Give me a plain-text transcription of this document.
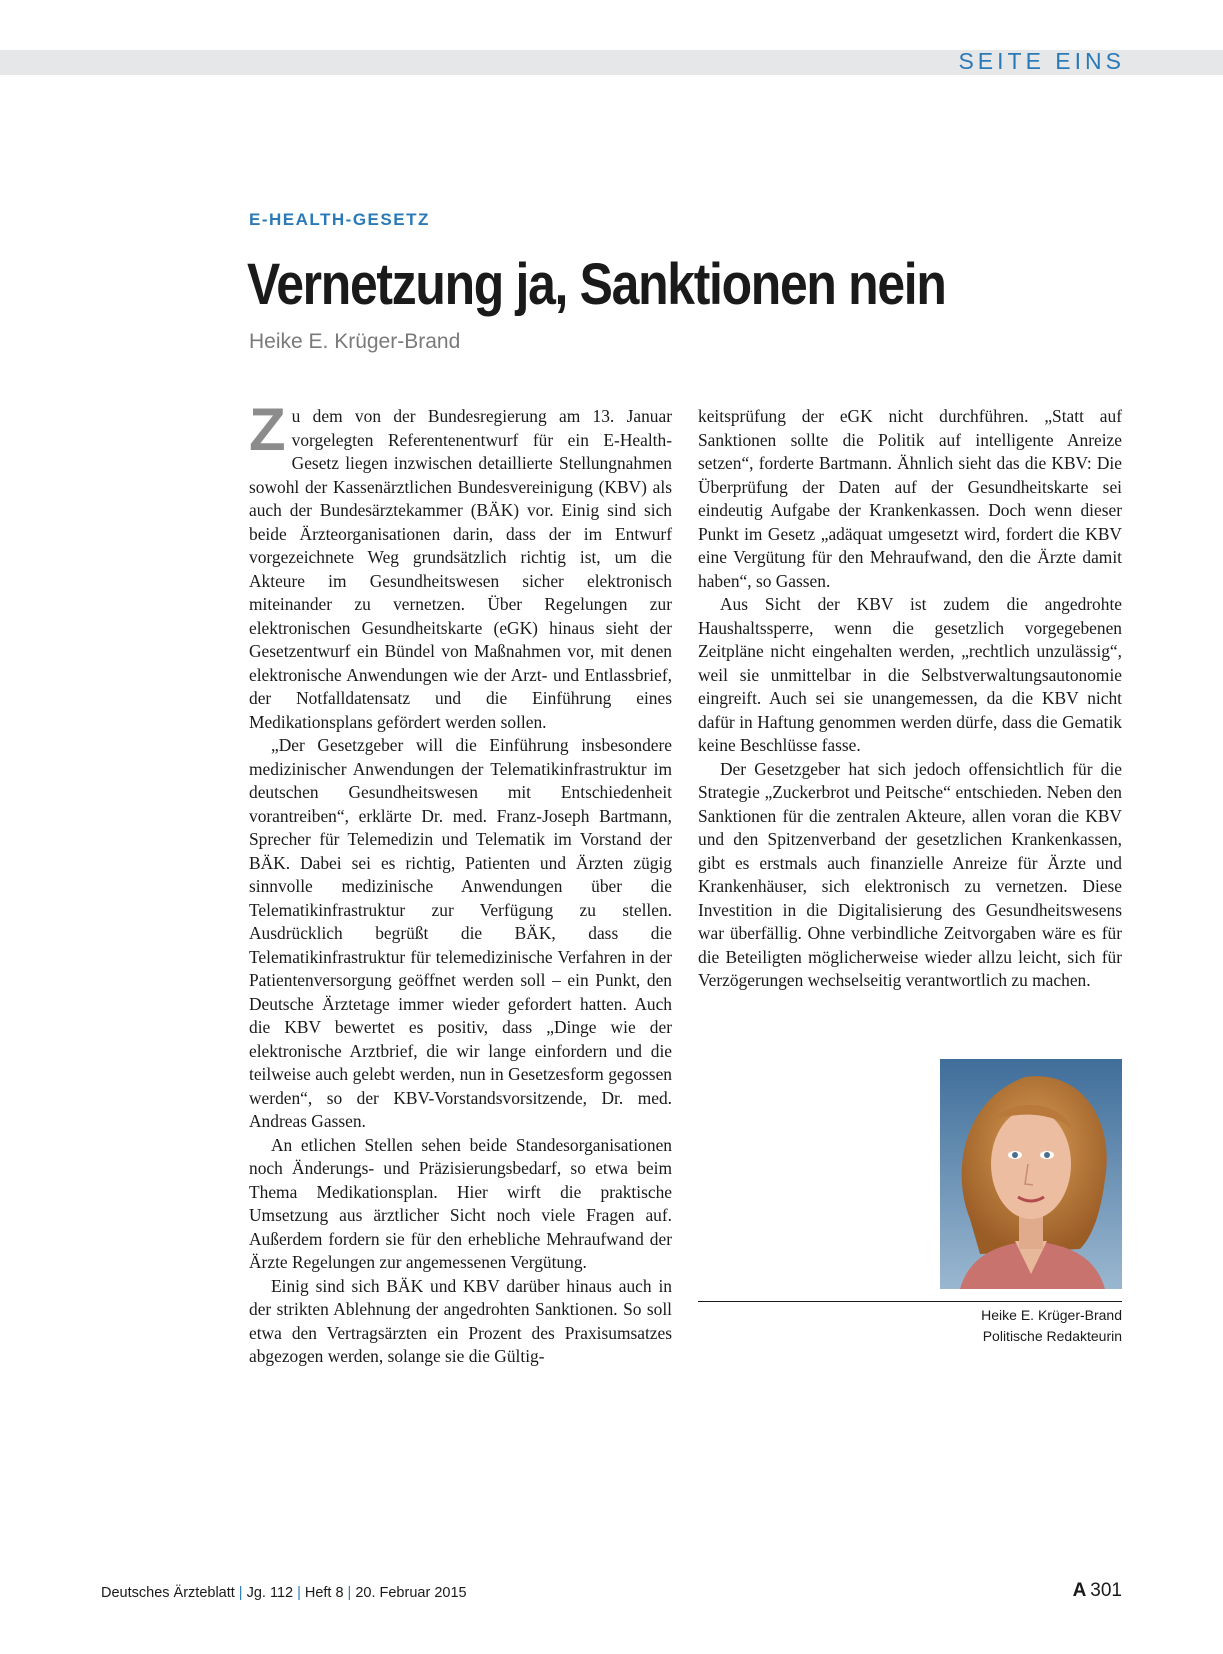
SEITE EINS
E-HEALTH-GESETZ
Vernetzung ja, Sanktionen nein
Heike E. Krüger-Brand

Zu dem von der Bundesregierung am 13. Januar vorgelegten Referentenentwurf für ein E-Health-Gesetz liegen inzwischen detaillierte Stellungnahmen sowohl der Kassenärztlichen Bundesvereinigung (KBV) als auch der Bundesärztekammer (BÄK) vor. Einig sind sich beide Ärzteorganisationen darin, dass der im Entwurf vorgezeichnete Weg grundsätzlich richtig ist, um die Akteure im Gesundheitswesen sicher elektronisch miteinander zu vernetzen. Über Regelungen zur elektronischen Gesundheitskarte (eGK) hinaus sieht der Gesetzentwurf ein Bündel von Maßnahmen vor, mit denen elektronische Anwendungen wie der Arzt- und Entlassbrief, der Notfalldatensatz und die Einführung eines Medikationsplans gefördert werden sollen.

„Der Gesetzgeber will die Einführung insbesondere medizinischer Anwendungen der Telematikinfrastruktur im deutschen Gesundheitswesen mit Entschiedenheit vorantreiben“, erklärte Dr. med. Franz-Joseph Bartmann, Sprecher für Telemedizin und Telematik im Vorstand der BÄK. Dabei sei es richtig, Patienten und Ärzten zügig sinnvolle medizinische Anwendungen über die Telematikinfrastruktur zur Verfügung zu stellen. Ausdrücklich begrüßt die BÄK, dass die Telematikinfrastruktur für telemedizinische Verfahren in der Patientenversorgung geöffnet werden soll – ein Punkt, den Deutsche Ärztetage immer wieder gefordert hatten. Auch die KBV bewertet es positiv, dass „Dinge wie der elektronische Arztbrief, die wir lange einfordern und die teilweise auch gelebt werden, nun in Gesetzesform gegossen werden“, so der KBV-Vorstandsvorsitzende, Dr. med. Andreas Gassen.

An etlichen Stellen sehen beide Standesorganisationen noch Änderungs- und Präzisierungsbedarf, so etwa beim Thema Medikationsplan. Hier wirft die praktische Umsetzung aus ärztlicher Sicht noch viele Fragen auf. Außerdem fordern sie für den erhebliche Mehraufwand der Ärzte Regelungen zur angemessenen Vergütung.

Einig sind sich BÄK und KBV darüber hinaus auch in der strikten Ablehnung der angedrohten Sanktionen. So soll etwa den Vertragsärzten ein Prozent des Praxisumsatzes abgezogen werden, solange sie die Gültig-

keitsprüfung der eGK nicht durchführen. „Statt auf Sanktionen sollte die Politik auf intelligente Anreize setzen“, forderte Bartmann. Ähnlich sieht das die KBV: Die Überprüfung der Daten auf der Gesundheitskarte sei eindeutig Aufgabe der Krankenkassen. Doch wenn dieser Punkt im Gesetz „adäquat umgesetzt wird, fordert die KBV eine Vergütung für den Mehraufwand, den die Ärzte damit haben“, so Gassen.

Aus Sicht der KBV ist zudem die angedrohte Haushaltssperre, wenn die gesetzlich vorgegebenen Zeitpläne nicht eingehalten werden, „rechtlich unzulässig“, weil sie unmittelbar in die Selbstverwaltungsautonomie eingreift. Auch sei sie unangemessen, da die KBV nicht dafür in Haftung genommen werden dürfe, dass die Gematik keine Beschlüsse fasse.

Der Gesetzgeber hat sich jedoch offensichtlich für die Strategie „Zuckerbrot und Peitsche“ entschieden. Neben den Sanktionen für die zentralen Akteure, allen voran die KBV und den Spitzenverband der gesetzlichen Krankenkassen, gibt es erstmals auch finanzielle Anreize für Ärzte und Krankenhäuser, sich elektronisch zu vernetzen. Diese Investition in die Digitalisierung des Gesundheitswesens war überfällig. Ohne verbindliche Zeitvorgaben wäre es für die Beteiligten möglicherweise wieder allzu leicht, sich für Verzögerungen wechselseitig verantwortlich zu machen.

Heike E. Krüger-Brand
Politische Redakteurin
Deutsches Ärzteblatt | Jg. 112 | Heft 8 | 20. Februar 2015	A 301
